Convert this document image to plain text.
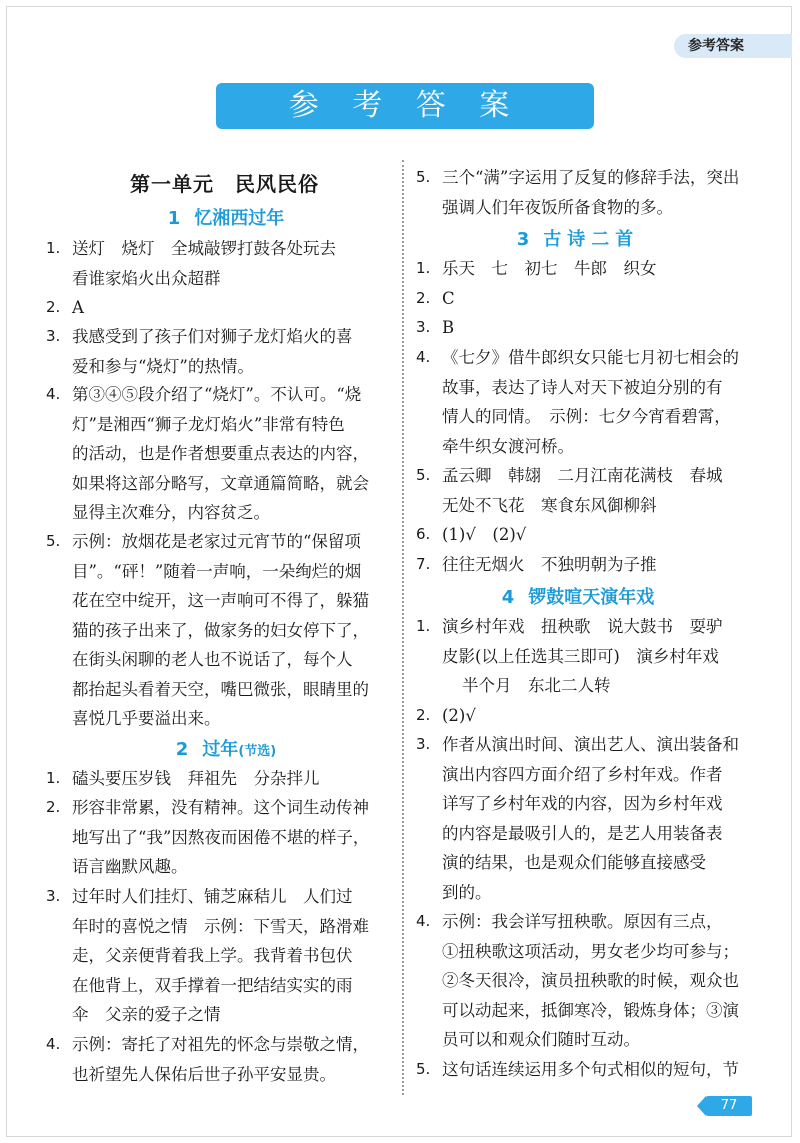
参考答案
参 考 答 案
第一单元　民风民俗
1 忆湘西过年
1. 送灯　烧灯　全城敲锣打鼓各处玩去
看谁家焰火出众超群
2. A
3. 我感受到了孩子们对狮子龙灯焰火的喜
爱和参与“烧灯”的热情。
4. 第③④⑤段介绍了“烧灯”。不认可。“烧
灯”是湘西“狮子龙灯焰火”非常有特色
的活动，也是作者想要重点表达的内容，
如果将这部分略写，文章通篇简略，就会
显得主次难分，内容贫乏。
5. 示例：放烟花是老家过元宵节的“保留项
目”。“砰！”随着一声响，一朵绚烂的烟
花在空中绽开，这一声响可不得了，躲猫
猫的孩子出来了，做家务的妇女停下了，
在街头闲聊的老人也不说话了，每个人
都抬起头看着天空，嘴巴微张，眼睛里的
喜悦几乎要溢出来。
2 过年(节选)
1. 磕头要压岁钱　拜祖先　分杂拌儿
2. 形容非常累，没有精神。这个词生动传神
地写出了“我”因熬夜而困倦不堪的样子，
语言幽默风趣。
3. 过年时人们挂灯、铺芝麻秸儿　人们过
年时的喜悦之情　示例：下雪天，路滑难
走，父亲便背着我上学。我背着书包伏
在他背上，双手撑着一把结结实实的雨
伞　父亲的爱子之情
4. 示例：寄托了对祖先的怀念与崇敬之情，
也祈望先人保佑后世子孙平安显贵。
5. 三个“满”字运用了反复的修辞手法，突出
强调人们年夜饭所备食物的多。
3 古诗二首
1. 乐天　七　初七　牛郎　织女
2. C
3. B
4. 《七夕》借牛郎织女只能七月初七相会的
故事，表达了诗人对天下被迫分别的有
情人的同情。　示例：七夕今宵看碧霄，
牵牛织女渡河桥。
5. 孟云卿　韩翃　二月江南花满枝　春城
无处不飞花　寒食东风御柳斜
6. (1)√　(2)√
7. 往往无烟火　不独明朝为子推
4 锣鼓喧天演年戏
1. 演乡村年戏　扭秧歌　说大鼓书　耍驴
皮影(以上任选其三即可)　演乡村年戏
半个月　东北二人转
2. (2)√
3. 作者从演出时间、演出艺人、演出装备和
演出内容四方面介绍了乡村年戏。作者
详写了乡村年戏的内容，因为乡村年戏
的内容是最吸引人的，是艺人用装备表
演的结果，也是观众们能够直接感受
到的。
4. 示例：我会详写扭秧歌。原因有三点，
①扭秧歌这项活动，男女老少均可参与；
②冬天很冷，演员扭秧歌的时候，观众也
可以动起来，抵御寒冷，锻炼身体；③演
员可以和观众们随时互动。
5. 这句话连续运用多个句式相似的短句，节
77
